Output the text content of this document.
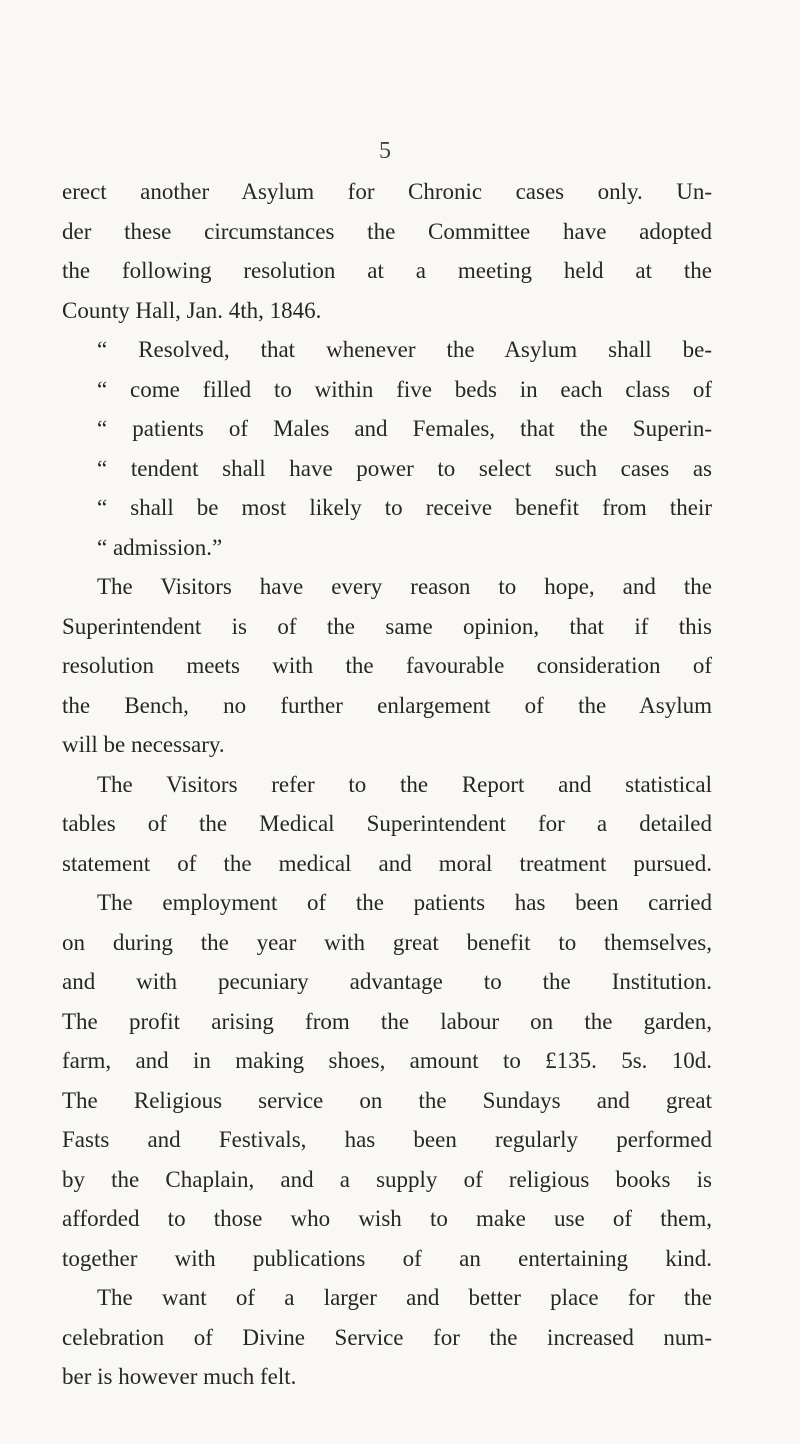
5
erect another Asylum for Chronic cases only. Un-
der these circumstances the Committee have adopted
the following resolution at a meeting held at the
County Hall, Jan. 4th, 1846.
“ Resolved, that whenever the Asylum shall be-
“ come filled to within five beds in each class of
“ patients of Males and Females, that the Superin-
“ tendent shall have power to select such cases as
“ shall be most likely to receive benefit from their
“ admission.”
The Visitors have every reason to hope, and the
Superintendent is of the same opinion, that if this
resolution meets with the favourable consideration of
the Bench, no further enlargement of the Asylum
will be necessary.
The Visitors refer to the Report and statistical
tables of the Medical Superintendent for a detailed
statement of the medical and moral treatment pursued.
The employment of the patients has been carried
on during the year with great benefit to themselves,
and with pecuniary advantage to the Institution.
The profit arising from the labour on the garden,
farm, and in making shoes, amount to £135. 5s. 10d.
The Religious service on the Sundays and great
Fasts and Festivals, has been regularly performed
by the Chaplain, and a supply of religious books is
afforded to those who wish to make use of them,
together with publications of an entertaining kind.
The want of a larger and better place for the
celebration of Divine Service for the increased num-
ber is however much felt.
